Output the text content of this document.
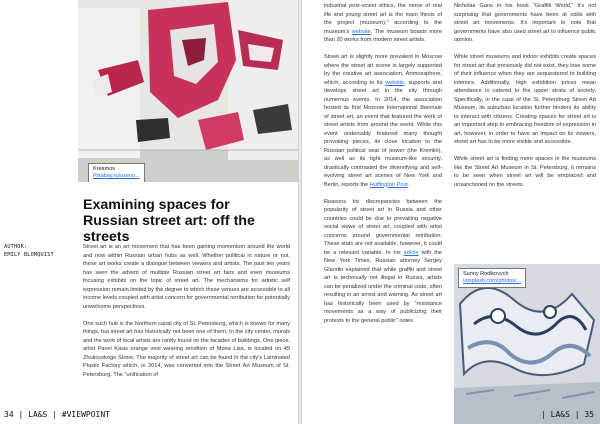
Kreamos
Pixabay.ru/users/...
Examining spaces for Russian street art: off the streets
AUTHOR:
EMILY BLOMQUIST

Street art is an art movement that has been gaining momentum around the world and now within Russian urban hubs as well. Whether political in nature or not, these art works create a dialogue between viewers and artists. The past ten years has seen the advent of multiple Russian street art fairs and even museums focusing exhibits on the topic of street art. The mechanisms for artistic self expression remain limited by the degree to which these venues are accessible to all income levels coupled with artist concern for governmental retribution for potentially unwelcome perspectives.

One such hub is the Northern canal city of St. Petersburg, which is known for many things, but street art has historically not been one of them. In the city center, murals and the work of local artists are rarely found on the facades of buildings. One piece, artist Pavel Kasis orange vest wearing rendition of Mona Lisa, is located on 49 Zhukovskogo Street. The majority of street art can be found in the city's Laminated Plastic Factory which, in 2014, was converted into the Street Art Museum of St. Petersburg. The "unification of

34 | LA&S | #VIEWPOINT

industrial post-soviet ethics, the nerve of real life and young street art is the main thesis of the project (museum)," according to the museum's website. The museum boasts more than 20 works from modern street artists.

Street art is slightly more prevalent in Moscow where the street art scene is largely supported by the creative art association, Artmossphere, which, according to its website, supports and develops street art in the city through numerous events. In 2014, the association hosted its first Moscow International Biennale of street art, an event that featured the work of street artists from around the world. While this event undeniably featured many thought provoking pieces, its close location to the Russian political seat of power (the Kremlin), as well as its tight museum-like security, drastically contrasted the diversifying and self-evolving street art scenes of New York and Berlin, reports the Huffington Post.

Reasons for discrepancies between the popularity of street art in Russia and other countries could be due to prevailing negative social views of street art, coupled with artist concerns around governmental retribution. These stats are not available, however, it could be a relevant variable. In his article with the New York Times, Russian attorney Sergey Glandin explained that while graffiti and street art is technically not illegal in Russia, artists can be penalized under the criminal code, often resulting in an arrest and warning. As street art has historically been used by "resistance movements as a way of publicizing their protests to the general public" notes

Nicholas Gans in his book "Graffiti World," it's not surprising that governments have been at odds with street art movements. It's important to note that governments have also used street art to influence public opinion.

While street museums and indoor exhibits create spaces for street art that previously did not exist, they lose some of their influence when they are sequestered to building interiors. Additionally, high exhibition prices mean attendance is catered to the upper strata of society. Specifically, in the case of the St. Petersburg Street Art Museum, its suburban location further hinders its ability to interact with citizens. Creating spaces for street art is an important step to embracing freedom of expression in art, however, in order to have an impact on its viewers, street art has to be more visible and accessible.

While street art is finding more spaces in the museums like the Street Art Museum in St. Petersburg, it remains to be seen when street art will be embraced and unsanctioned on the streets.

Sunny Rodikovych
unsplash.com/photos/...
| LA&S | 35
